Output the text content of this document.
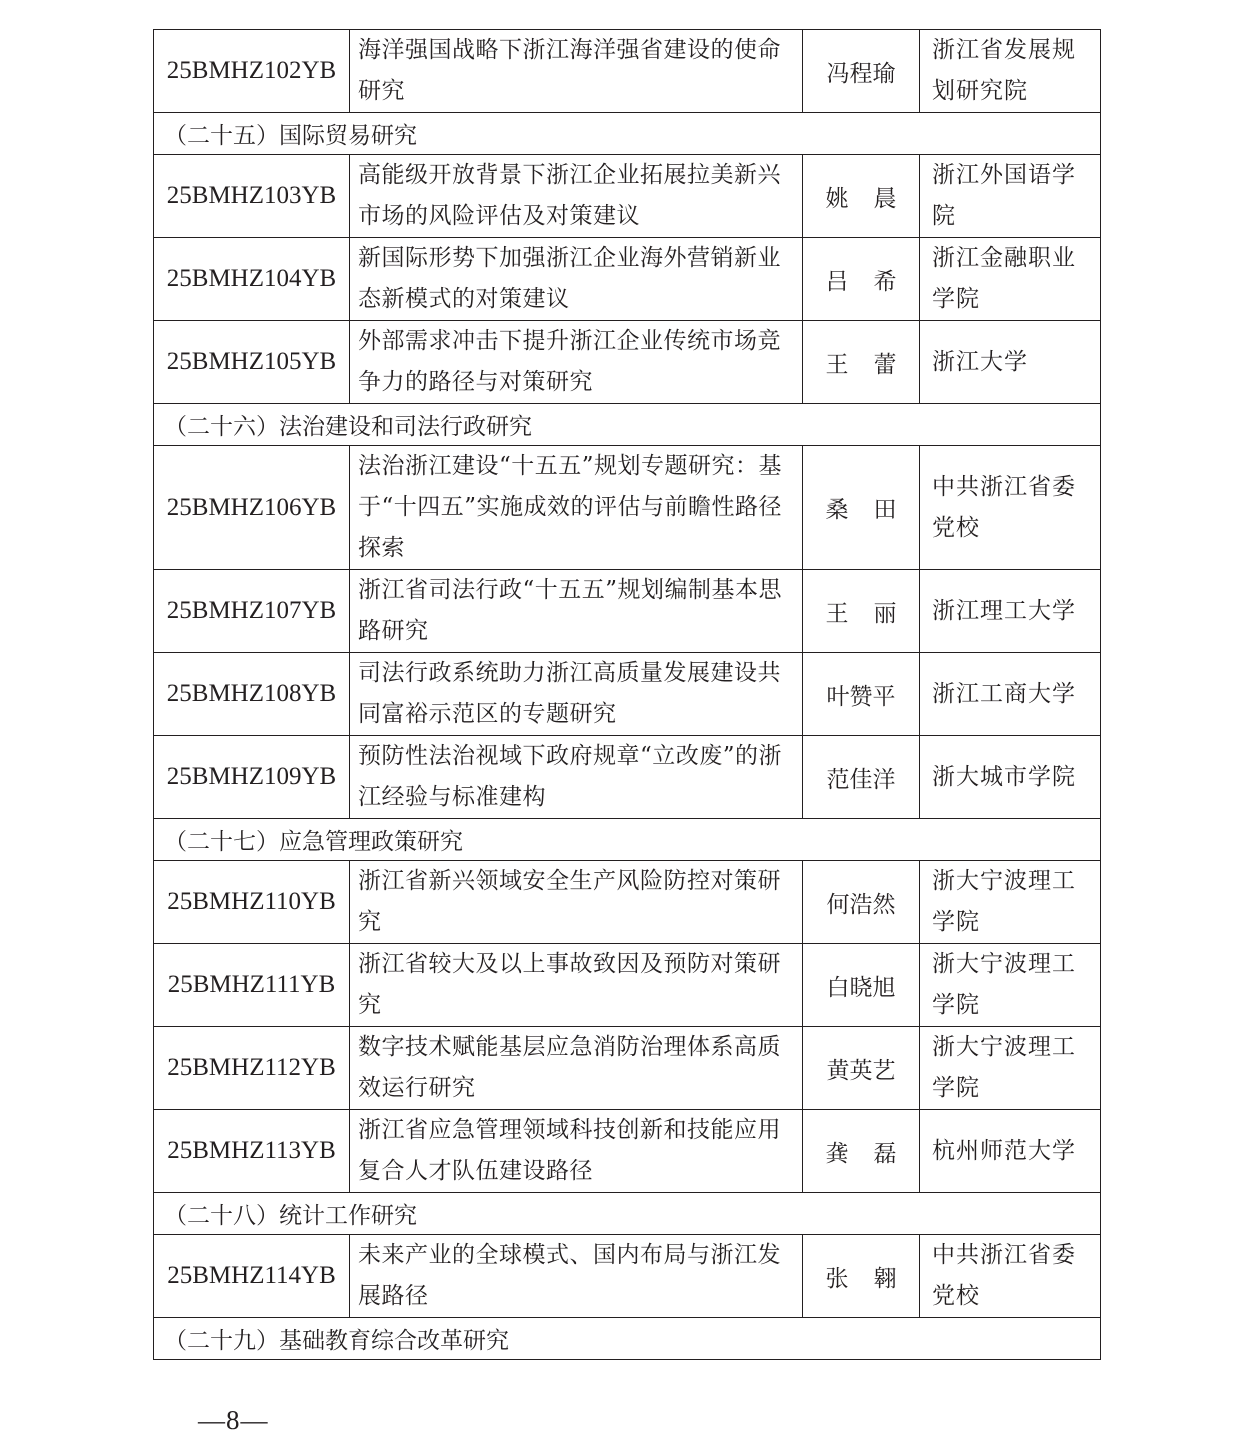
25BMHZ102YB	海洋强国战略下浙江海洋强省建设的使命研究	冯程瑜	浙江省发展规划研究院
（二十五）国际贸易研究			
25BMHZ103YB	高能级开放背景下浙江企业拓展拉美新兴市场的风险评估及对策建议	姚晨	浙江外国语学院
25BMHZ104YB	新国际形势下加强浙江企业海外营销新业态新模式的对策建议	吕希	浙江金融职业学院
25BMHZ105YB	外部需求冲击下提升浙江企业传统市场竞争力的路径与对策研究	王蕾	浙江大学
（二十六）法治建设和司法行政研究			
25BMHZ106YB	法治浙江建设“十五五”规划专题研究：基于“十四五”实施成效的评估与前瞻性路径探索	桑田	中共浙江省委党校
25BMHZ107YB	浙江省司法行政“十五五”规划编制基本思路研究	王丽	浙江理工大学
25BMHZ108YB	司法行政系统助力浙江高质量发展建设共同富裕示范区的专题研究	叶赞平	浙江工商大学
25BMHZ109YB	预防性法治视域下政府规章“立改废”的浙江经验与标准建构	范佳洋	浙大城市学院
（二十七）应急管理政策研究			
25BMHZ110YB	浙江省新兴领域安全生产风险防控对策研究	何浩然	浙大宁波理工学院
25BMHZ111YB	浙江省较大及以上事故致因及预防对策研究	白晓旭	浙大宁波理工学院
25BMHZ112YB	数字技术赋能基层应急消防治理体系高质效运行研究	黄英艺	浙大宁波理工学院
25BMHZ113YB	浙江省应急管理领域科技创新和技能应用复合人才队伍建设路径	龚磊	杭州师范大学
（二十八）统计工作研究			
25BMHZ114YB	未来产业的全球模式、国内布局与浙江发展路径	张翱	中共浙江省委党校
（二十九）基础教育综合改革研究			
—8—
